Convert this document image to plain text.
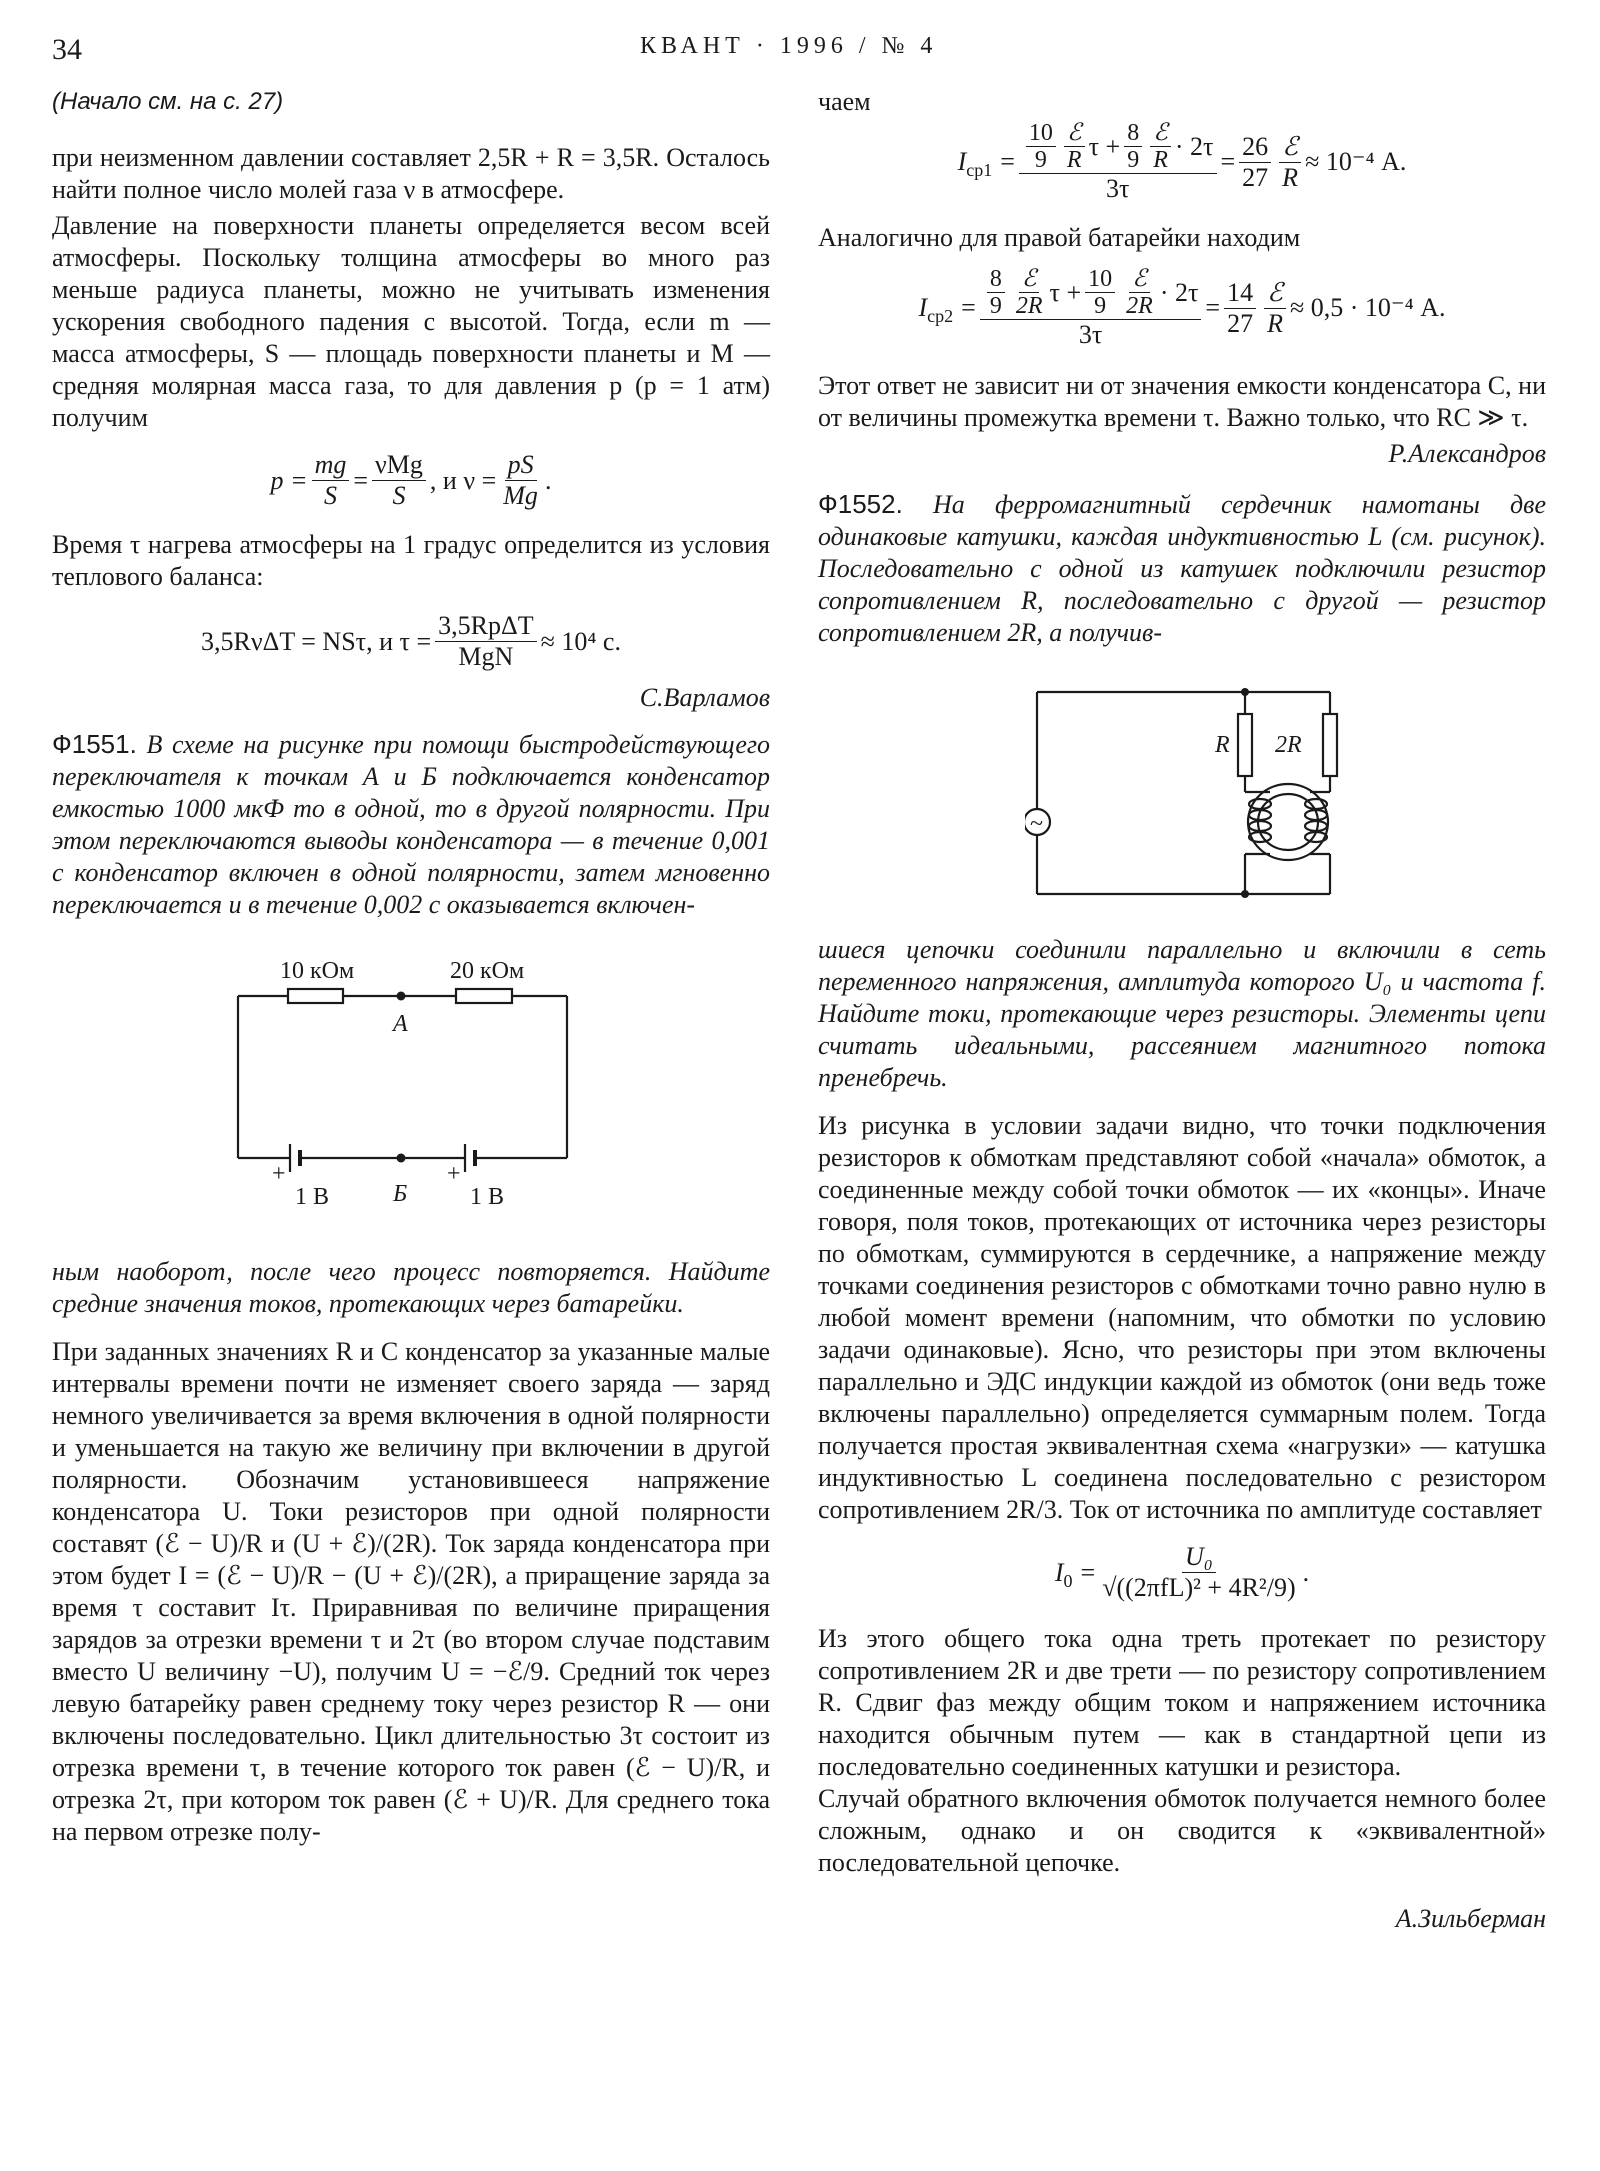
34	КВАНТ · 1996 / № 4
(Начало см. на с. 27)

при неизменном давлении составляет 2,5R + R = 3,5R. Осталось найти полное число молей газа ν в атмосфере.

Давление на поверхности планеты определяется весом всей атмосферы. Поскольку толщина атмосферы во много раз меньше радиуса планеты, можно не учитывать изменения ускорения свободного падения с высотой. Тогда, если m — масса атмосферы, S — площадь поверхности планеты и M — средняя молярная масса газа, то для давления p (p = 1 атм) получим

$p = \frac{mg}{S} = \frac{\text{νMg}}{S}$ , и $\nu = \frac{pS}{Mg}$ .

Время τ нагрева атмосферы на 1 градус определится из условия теплового баланса:

3,5RνΔT = NSτ, и $\tau = \frac{\text{3,5RpΔT}}{\text{MgN}} \approx 10^4$ с.
С.Варламов

Ф1551. В схеме на рисунке при помощи быстродействующего переключателя к точкам А и Б подключается конденсатор емкостью 1000 мкФ то в одной, то в другой полярности. При этом переключаются выводы конденсатора — в течение 0,001 с конденсатор включен в одной полярности, затем мгновенно переключается и в течение 0,002 с оказывается включен-

10 кОм	20 кОм
А
Б
+	+
1 В	1 В

ным наоборот, после чего процесс повторяется. Найдите средние значения токов, протекающих через батарейки.

При заданных значениях R и C конденсатор за указанные малые интервалы времени почти не изменяет своего заряда — заряд немного увеличивается за время включения в одной полярности и уменьшается на такую же величину при включении в другой полярности. Обозначим установившееся напряжение конденсатора U. Токи резисторов при одной полярности составят (ℰ − U)/R и (U + ℰ)/(2R). Ток заряда конденсатора при этом будет I = (ℰ − U)/R − (U + ℰ)/(2R), а приращение заряда за время τ составит Iτ. Приравнивая по величине приращения зарядов за отрезки времени τ и 2τ (во втором случае подставим вместо U величину −U), получим U = −ℰ/9. Средний ток через левую батарейку равен среднему току через резистор R — они включены последовательно. Цикл длительностью 3τ состоит из отрезка времени τ, в течение которого ток равен (ℰ − U)/R, и отрезка 2τ, при котором ток равен (ℰ + U)/R. Для среднего тока на первом отрезке полу-

чаем
I $ср1 = \frac{10}{9} \frac{\text{ℰ}}{R}$ $\tau + \frac{8}{9} \frac{\text{ℰ}}{R} \cdot 2\tau$
3τ
= $\frac{26}{27} \frac{\text{ℰ}}{R} \approx 10^{-4}$ А.

Аналогично для правой батарейки находим

I $ср2 = \frac{8}{9} \frac{\text{ℰ}}{2R}$ $\tau + \frac{10}{9} \frac{\text{ℰ}}{2R} \cdot 2\tau$
3τ
= $\frac{14}{27} \frac{\text{ℰ}}{R} \approx 0,5 \cdot 10^{-4}$ А.

Этот ответ не зависит ни от значения емкости конденсатора C, ни от величины промежутка времени τ. Важно только, что RC ≫ τ.

Р.Александров

Ф1552. На ферромагнитный сердечник намотаны две одинаковые катушки, каждая индуктивностью L (см. рисунок). Последовательно с одной из катушек подключили резистор сопротивлением R, последовательно с другой — резистор сопротивлением 2R, а получив-

~
R 2R

шиеся цепочки соединили параллельно и включили в сеть переменного напряжения, амплитуда которого U₀ и частота f. Найдите токи, протекающие через резисторы. Элементы цепи считать идеальными, рассеянием магнитного потока пренебречь.

Из рисунка в условии задачи видно, что точки подключения резисторов к обмоткам представляют собой «начала» обмоток, а соединенные между собой точки обмоток — их «концы». Иначе говоря, поля токов, протекающих от источника через резисторы по обмоткам, суммируются в сердечнике, а напряжение между точками соединения резисторов с обмотками точно равно нулю в любой момент времени (напомним, что обмотки по условию задачи одинаковые). Ясно, что резисторы при этом включены параллельно и ЭДС индукции каждой из обмоток (они ведь тоже включены параллельно) определяется суммарным полем. Тогда получается простая эквивалентная схема «нагрузки» — катушка индуктивностью L соединена последовательно с резистором сопротивлением 2R/3. Ток от источника по амплитуде составляет

I $0 = \frac{\text{U₀}}{\text{√((2πfL)² + 4R²/9)}}$ .

Из этого общего тока одна треть протекает по резистору сопротивлением 2R и две трети — по резистору сопротивлением R. Сдвиг фаз между общим током и напряжением источника находится обычным путем — как в стандартной цепи из последовательно соединенных катушки и резистора.

Случай обратного включения обмоток получается немного более сложным, однако и он сводится к «эквивалентной» последовательной цепочке.

А.Зильберман
